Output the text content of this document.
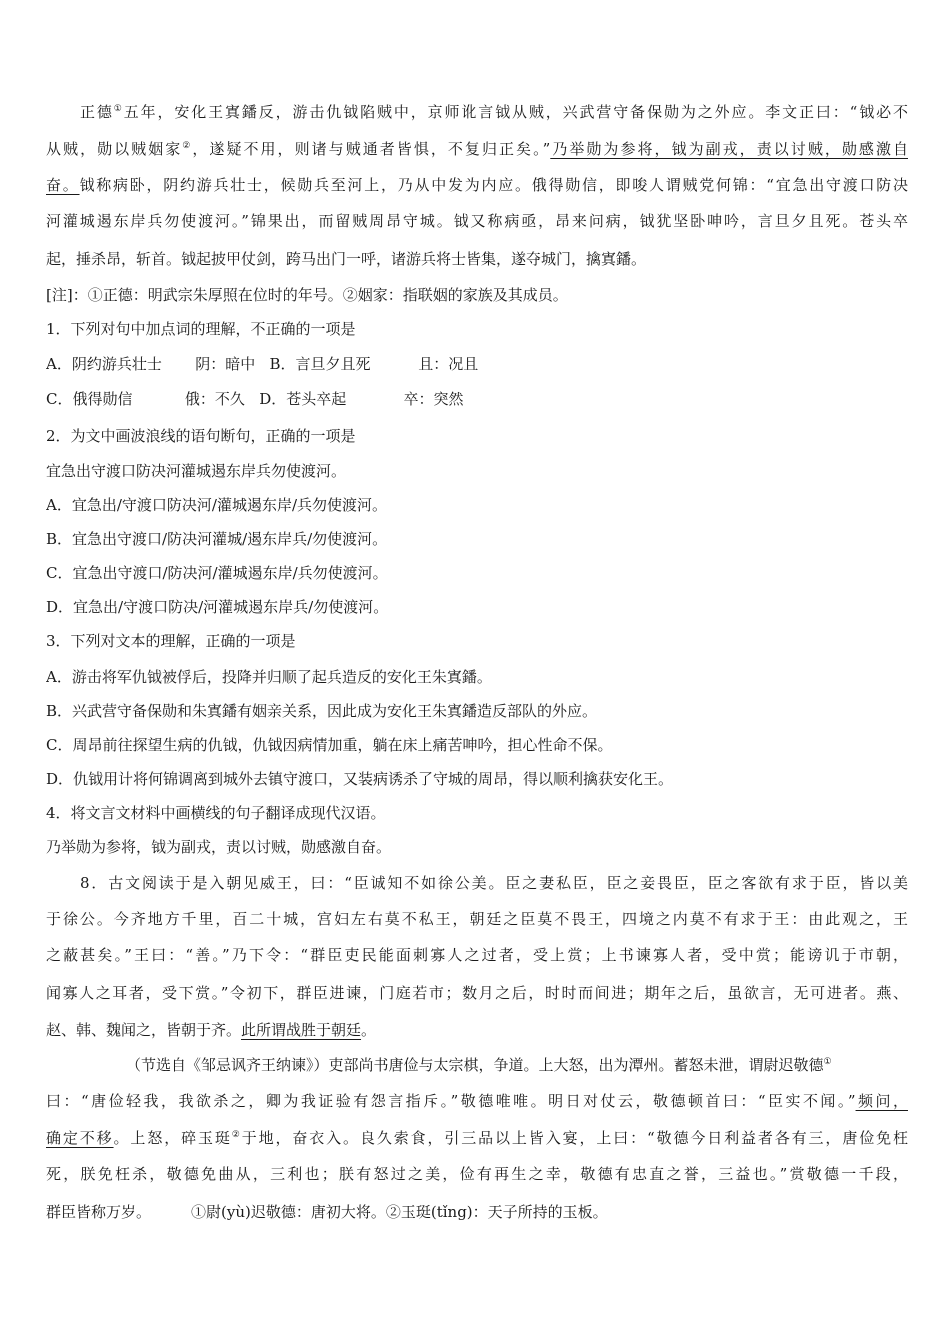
正德①五年，安化王寘鐇反，游击仇钺陷贼中，京师讹言钺从贼，兴武营守备保勋为之外应。李文正曰：“钺必不
从贼，勋以贼姻家②，遂疑不用，则诸与贼通者皆惧，不复归正矣。”乃举勋为参将，钺为副戎，责以讨贼，勋感激自
奋。钺称病卧，阴约游兵壮士，候勋兵至河上，乃从中发为内应。俄得勋信，即唆人谓贼党何锦：“宜急出守渡口防决
河灌城遏东岸兵勿使渡河。”锦果出，而留贼周昂守城。钺又称病亟，昂来问病，钺犹坚卧呻吟，言旦夕且死。苍头卒
起，捶杀昂，斩首。钺起披甲仗剑，跨马出门一呼，诸游兵将士皆集，遂夺城门，擒寘鐇。
[注]：①正德：明武宗朱厚照在位时的年号。②姻家：指联姻的家族及其成员。
1．下列对句中加点词的理解，不正确的一项是
A．阴约游兵壮士       阴：暗中   B．言旦夕且死          且：况且
C．俄得勋信           俄：不久   D．苍头卒起            卒：突然
2．为文中画波浪线的语句断句，正确的一项是
宜急出守渡口防决河灌城遏东岸兵勿使渡河。
A．宜急出/守渡口防决河/灌城遏东岸/兵勿使渡河。
B．宜急出守渡口/防决河灌城/遏东岸兵/勿使渡河。
C．宜急出守渡口/防决河/灌城遏东岸/兵勿使渡河。
D．宜急出/守渡口防决/河灌城遏东岸兵/勿使渡河。
3．下列对文本的理解，正确的一项是
A．游击将军仇钺被俘后，投降并归顺了起兵造反的安化王朱寘鐇。
B．兴武营守备保勋和朱寘鐇有姻亲关系，因此成为安化王朱寘鐇造反部队的外应。
C．周昂前往探望生病的仇钺，仇钺因病情加重，躺在床上痛苦呻吟，担心性命不保。
D．仇钺用计将何锦调离到城外去镇守渡口，又装病诱杀了守城的周昂，得以顺利擒获安化王。
4．将文言文材料中画横线的句子翻译成现代汉语。
乃举勋为参将，钺为副戎，责以讨贼，勋感激自奋。
8．古文阅读于是入朝见威王，曰：“臣诚知不如徐公美。臣之妻私臣，臣之妾畏臣，臣之客欲有求于臣，皆以美
于徐公。今齐地方千里，百二十城，宫妇左右莫不私王，朝廷之臣莫不畏王，四境之内莫不有求于王：由此观之，王
之蔽甚矣。”王曰：“善。”乃下令：“群臣吏民能面刺寡人之过者，受上赏；上书谏寡人者，受中赏；能谤讥于市朝，
闻寡人之耳者，受下赏。”令初下，群臣进谏，门庭若市；数月之后，时时而间进；期年之后，虽欲言，无可进者。燕、
赵、韩、魏闻之，皆朝于齐。此所谓战胜于朝廷。
（节选自《邹忌讽齐王纳谏》）吏部尚书唐俭与太宗棋，争道。上大怒，出为潭州。蓄怒未泄，谓尉迟敬德①
曰：“唐俭轻我，我欲杀之，卿为我证验有怨言指斥。”敬德唯唯。明日对仗云，敬德顿首曰：“臣实不闻。”频问，
确定不移。上怒，碎玉珽②于地，奋衣入。良久索食，引三品以上皆入宴，上曰：“敬德今日利益者各有三，唐俭免枉
死，朕免枉杀，敬德免曲从，三利也；朕有怒过之美，俭有再生之幸，敬德有忠直之誉，三益也。”赏敬德一千段，
群臣皆称万岁。	①尉(yù)迟敬德：唐初大将。②玉珽(tǐng)：天子所持的玉板。
